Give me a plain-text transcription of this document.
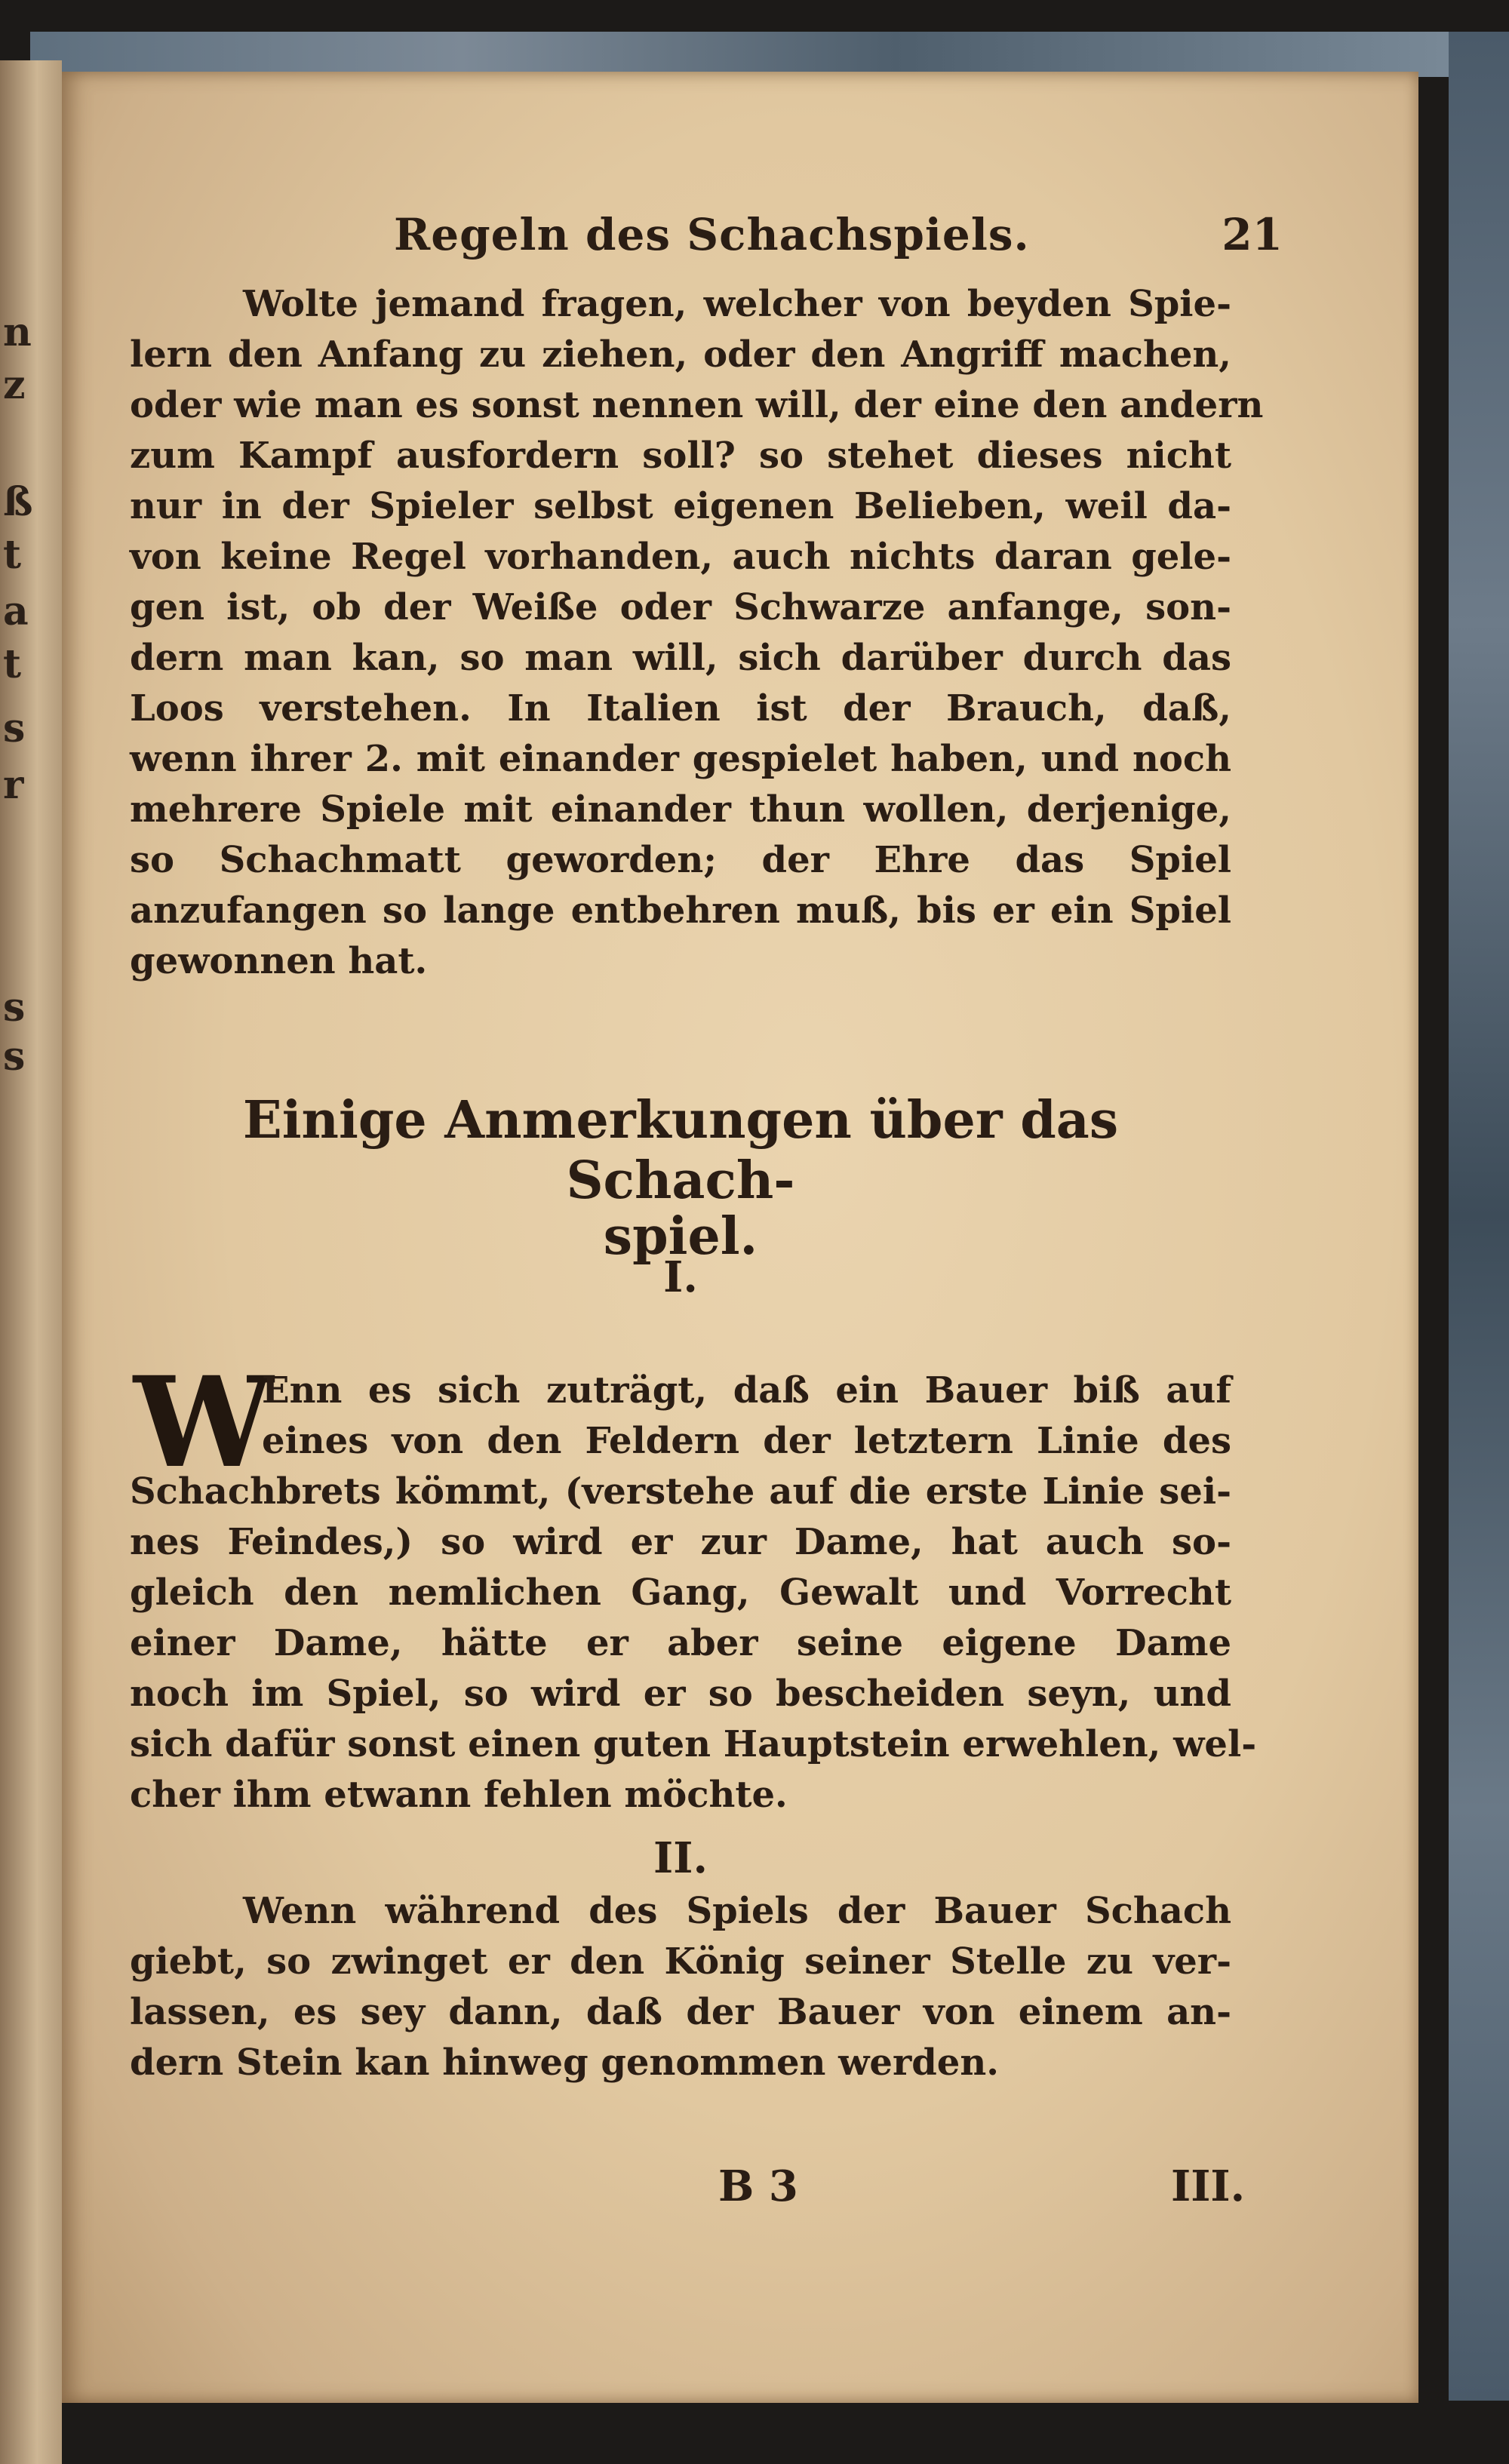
n
z
ß
t
a
t
s
r
s
s
Regeln des Schachspiels.	21
Wolte jemand fragen, welcher von beyden Spie-
lern den Anfang zu ziehen, oder den Angriff machen,
oder wie man es sonst nennen will, der eine den andern
zum Kampf ausfordern soll? so stehet dieses nicht
nur in der Spieler selbst eigenen Belieben, weil da-
von keine Regel vorhanden, auch nichts daran gele-
gen ist, ob der Weiße oder Schwarze anfange, son-
dern man kan, so man will, sich darüber durch das
Loos verstehen. In Italien ist der Brauch, daß,
wenn ihrer 2. mit einander gespielet haben, und noch
mehrere Spiele mit einander thun wollen, derjenige,
so Schachmatt geworden; der Ehre das Spiel
anzufangen so lange entbehren muß, bis er ein Spiel
gewonnen hat.
Einige Anmerkungen über das Schach-
spiel.
I.
W
Enn es sich zuträgt, daß ein Bauer biß auf
eines von den Feldern der letztern Linie des
Schachbrets kömmt, (verstehe auf die erste Linie sei-
nes Feindes,) so wird er zur Dame, hat auch so-
gleich den nemlichen Gang, Gewalt und Vorrecht
einer Dame, hätte er aber seine eigene Dame
noch im Spiel, so wird er so bescheiden seyn, und
sich dafür sonst einen guten Hauptstein erwehlen, wel-
cher ihm etwann fehlen möchte.
II.
Wenn während des Spiels der Bauer Schach
giebt, so zwinget er den König seiner Stelle zu ver-
lassen, es sey dann, daß der Bauer von einem an-
dern Stein kan hinweg genommen werden.
B 3	III.
